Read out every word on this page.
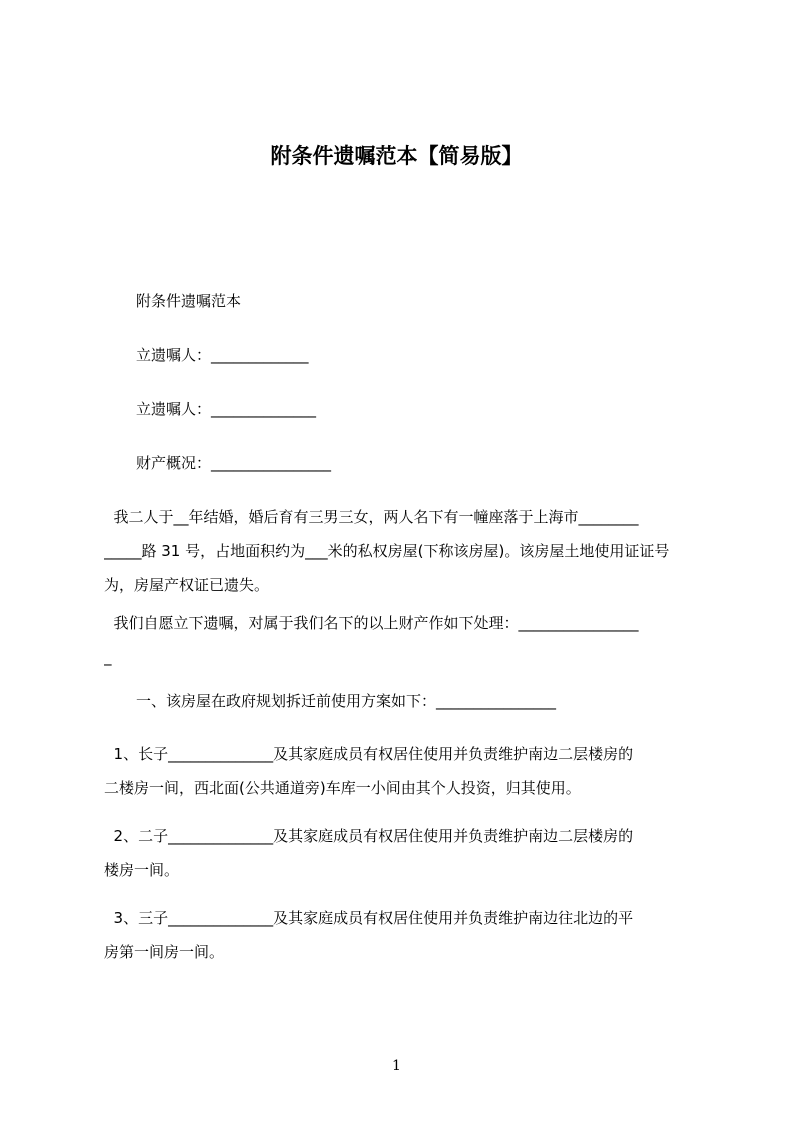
附条件遗嘱范本【简易版】

附条件遗嘱范本

立遗嘱人：_____________

立遗嘱人：______________

财产概况：________________

我二人于__年结婚，婚后育有三男三女，两人名下有一幢座落于上海市________
_____路 31 号，占地面积约为___米的私权房屋(下称该房屋)。该房屋土地使用证证号
为，房屋产权证已遗失。
我们自愿立下遗嘱，对属于我们名下的以上财产作如下处理：________________
_

一、该房屋在政府规划拆迁前使用方案如下：________________

1、长子______________及其家庭成员有权居住使用并负责维护南边二层楼房的
二楼房一间，西北面(公共通道旁)车库一小间由其个人投资，归其使用。
2、二子______________及其家庭成员有权居住使用并负责维护南边二层楼房的
楼房一间。
3、三子______________及其家庭成员有权居住使用并负责维护南边往北边的平
房第一间房一间。

1
